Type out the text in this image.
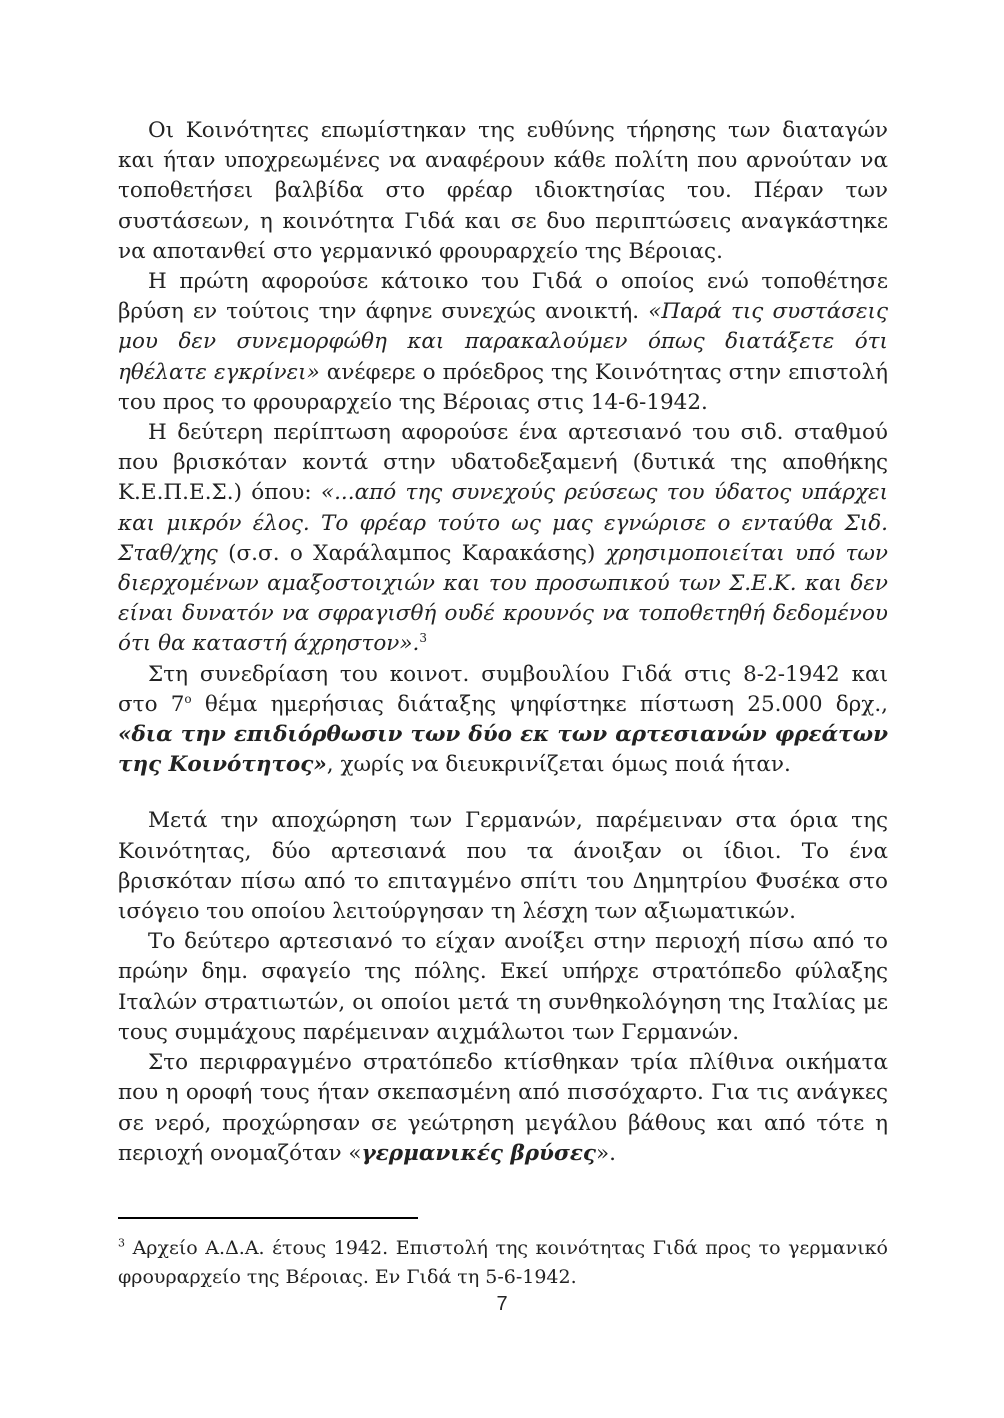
Οι Κοινότητες επωμίστηκαν της ευθύνης τήρησης των διαταγών και ήταν υποχρεωμένες να αναφέρουν κάθε πολίτη που αρνούταν να τοποθετήσει βαλβίδα στο φρέαρ ιδιοκτησίας του. Πέραν των συστάσεων, η κοινότητα Γιδά και σε δυο περιπτώσεις αναγκάστηκε να αποτανθεί στο γερμανικό φρουραρχείο της Βέροιας.

Η πρώτη αφορούσε κάτοικο του Γιδά ο οποίος ενώ τοποθέτησε βρύση εν τούτοις την άφηνε συνεχώς ανοικτή. «Παρά τις συστάσεις μου δεν συνεμορφώθη και παρακαλούμεν όπως διατάξετε ότι ηθέλατε εγκρίνει» ανέφερε ο πρόεδρος της Κοινότητας στην επιστολή του προς το φρουραρχείο της Βέροιας στις 14-6-1942.

Η δεύτερη περίπτωση αφορούσε ένα αρτεσιανό του σιδ. σταθμού που βρισκόταν κοντά στην υδατοδεξαμενή (δυτικά της αποθήκης Κ.Ε.Π.Ε.Σ.) όπου: «...από της συνεχούς ρεύσεως του ύδατος υπάρχει και μικρόν έλος. Το φρέαρ τούτο ως μας εγνώρισε ο ενταύθα Σιδ. Σταθ/χης (σ.σ. ο Χαράλαμπος Καρακάσης) χρησιμοποιείται υπό των διερχομένων αμαξοστοιχιών και του προσωπικού των Σ.Ε.Κ. και δεν είναι δυνατόν να σφραγισθή ουδέ κρουνός να τοποθετηθή δεδομένου ότι θα καταστή άχρηστον».$^3$

Στη συνεδρίαση του κοινοτ. συμβουλίου Γιδά στις 8-2-1942 και στο $7^o$ θέμα ημερήσιας διάταξης ψηφίστηκε πίστωση 25.000 δρχ., «δια την επιδιόρθωσιν των δύο εκ των αρτεσιανών φρεάτων της Κοινότητος», χωρίς να διευκρινίζεται όμως ποιά ήταν.

Μετά την αποχώρηση των Γερμανών, παρέμειναν στα όρια της Κοινότητας, δύο αρτεσιανά που τα άνοιξαν οι ίδιοι. Το ένα βρισκόταν πίσω από το επιταγμένο σπίτι του Δημητρίου Φυσέκα στο ισόγειο του οποίου λειτούργησαν τη λέσχη των αξιωματικών.

Το δεύτερο αρτεσιανό το είχαν ανοίξει στην περιοχή πίσω από το πρώην δημ. σφαγείο της πόλης. Εκεί υπήρχε στρατόπεδο φύλαξης Ιταλών στρατιωτών, οι οποίοι μετά τη συνθηκολόγηση της Ιταλίας με τους συμμάχους παρέμειναν αιχμάλωτοι των Γερμανών.

Στο περιφραγμένο στρατόπεδο κτίσθηκαν τρία πλίθινα οικήματα που η οροφή τους ήταν σκεπασμένη από πισσόχαρτο. Για τις ανάγκες σε νερό, προχώρησαν σε γεώτρηση μεγάλου βάθους και από τότε η περιοχή ονομαζόταν «γερμανικές βρύσες».

$^3$ Αρχείο Α.Δ.Α. έτους 1942. Επιστολή της κοινότητας Γιδά προς το γερμανικό φρουραρχείο της Βέροιας. Εν Γιδά τη 5-6-1942.
7
